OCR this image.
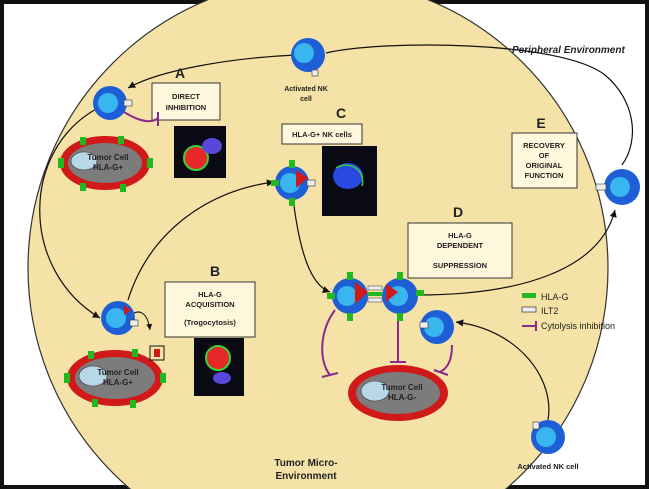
Peripheral Environment
Tumor Micro-
Environment
DIRECT
INHIBITION
A
HLA-G
ACQUISITION
(Trogocytosis)
B
HLA-G+ NK cells
C
HLA-G
DEPENDENT
SUPPRESSION
D
RECOVERY
OF
ORIGINAL
FUNCTION
E
Tumor Cell
HLA-G+
Tumor Cell
HLA-G+
Tumor Cell
HLA-G-
Activated NK
cell
Activated NK cell
HLA-G
ILT2
Cytolysis inhibition
